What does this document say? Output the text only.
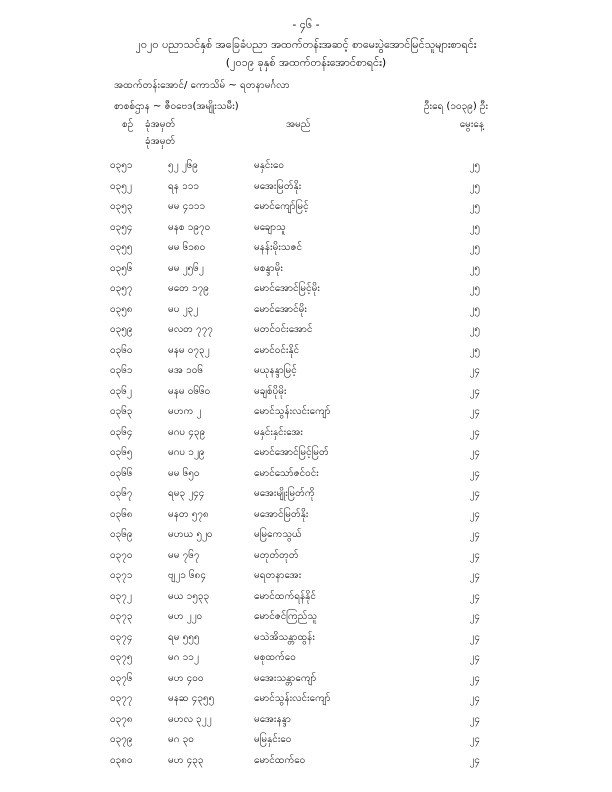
- ၄၆ -
၂၀၂၀ ပညာသင်နှစ် အခြေခံပညာ အထက်တန်းအဆင့် စာမေးပွဲအောင်မြင်သူများစာရင်း
(၂၀၁၉ ခုနှစ် အထက်တန်းအောင်စာရင်း)
အထက်တန်းအောင်/ ကောသိမ် ~ ရတနာမင်္ဂလာ
စာစစ်ဌာန ~ ဇီဝဗေဒ(အမျိုးသမီး)	ဦးရေ (၁၀၃၉) ဦး
စဉ် ခုံအမှတ်	အမည်	မွေးနေ့
ခုံအမှတ်
၀၃၅၁	၅၂ ၂၆၉	မနှင်းဝေ	၂၅
၀၃၅၂	ရန ၁၁၁	မအေးမြတ်နိုး	၂၅
၀၃၅၃	မမ ၄၁၁၁	မောင်ကျော်မြင့်	၂၅
၀၃၅၄	မနစ ၁၉၇၀	မချောသူ	၂၅
၀၃၅၅	မမ ၆၁၈၀	မနန်းမိုးသဇင်	၂၅
၀၃၅၆	မမ ၂၅၆၂	မစန္ဒာမိုး	၂၅
၀၃၅၇	မတေ ၁၇၉	မောင်အောင်မြင့်မိုး	၂၅
၀၃၅၈	မပ ၂၃၂	မောင်အောင်မိုး	၂၅
၀၃၅၉	မလတ ၇၇၇	မတင်ဝင်းအောင်	၂၅
၀၃၆၀	မနမ ၀၇၃၂	မောင်ဝင်းနိုင်	၂၅
၀၃၆၁	မအ ၁၀၆	မယုနန္ဒာမြင့်	၂၄
၀၃၆၂	မနမ ၀၆၆၀	မချစ်ပိုမိုး	၂၄
၀၃၆၃	မဟက ၂	မောင်သွန်းလင်းကျော်	၂၄
၀၃၆၄	မဂပ ၄၃၉	မနှင်းနှင်းအေး	၂၄
၀၃၆၅	မဂပ ၁၂၉	မောင်အောင်မြင့်မြတ်	၂၄
၀၃၆၆	မမ ၆၅၀	မောင်သော်ဇင်ဝင်း	၂၄
၀၃၆၇	ရမ၃ ၂၄၄	မအေးမျိုးမြတ်ကို	၂၄
၀၃၆၈	မနတ ၅၇၈	မအောင်မြတ်နိုး	၂၄
၀၃၆၉	မဟယ ၅၂၀	မမြကေသွယ်	၂၄
၀၃၇၀	မမ ၇၆၇	မတုတ်တုတ်	၂၄
၀၃၇၁	ဗျ၂၁ ၆၈၄	မရတနာအေး	၂၄
၀၃၇၂	မယ ၁၅၃၃	မောင်ထက်ရန်နိုင်	၂၄
၀၃၇၃	မဟ ၂၂၀	မောင်ဇင်ကြည်သူ	၂၄
၀၃၇၄	ရမ ၅၅၅	မသဲအိသန္တာထွန်း	၂၄
၀၃၇၅	မဂ ၁၁၂	မစုထက်ဝေ	၂၄
၀၃၇၆	မဟ ၄၀၀	မအေးသန္တာကျော်	၂၄
၀၃၇၇	မနဆ ၄၃၅၅	မောင်သွန်းလင်းကျော်	၂၄
၀၃၇၈	မဟလ ၃၂၂	မအေးနန္ဒာ	၂၄
၀၃၇၉	မဂ ၃၀	မမြနှင်းဝေ	၂၄
၀၃၈၀	မဟ ၄၃၃	မောင်ထက်ဝေ	၂၄
